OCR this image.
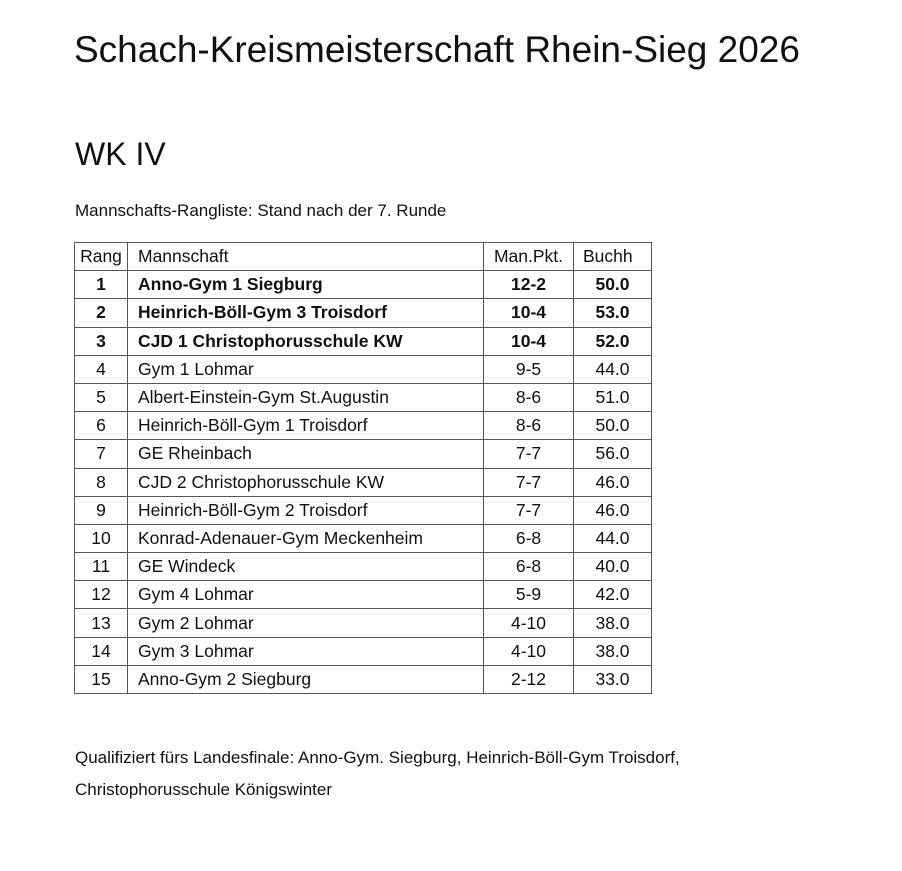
Schach-Kreismeisterschaft Rhein-Sieg 2026
WK IV
Mannschafts-Rangliste: Stand nach der 7. Runde
Rang	Mannschaft	Man.Pkt.	Buchh
1	Anno-Gym 1 Siegburg	12-2	50.0
2	Heinrich-Böll-Gym 3 Troisdorf	10-4	53.0
3	CJD 1 Christophorusschule KW	10-4	52.0
4	Gym 1 Lohmar	9-5	44.0
5	Albert-Einstein-Gym St.Augustin	8-6	51.0
6	Heinrich-Böll-Gym 1 Troisdorf	8-6	50.0
7	GE Rheinbach	7-7	56.0
8	CJD 2 Christophorusschule KW	7-7	46.0
9	Heinrich-Böll-Gym 2 Troisdorf	7-7	46.0
10	Konrad-Adenauer-Gym Meckenheim	6-8	44.0
11	GE Windeck	6-8	40.0
12	Gym 4 Lohmar	5-9	42.0
13	Gym 2 Lohmar	4-10	38.0
14	Gym 3 Lohmar	4-10	38.0
15	Anno-Gym 2 Siegburg	2-12	33.0
Qualifiziert fürs Landesfinale: Anno-Gym. Siegburg, Heinrich-Böll-Gym Troisdorf,
Christophorusschule Königswinter
